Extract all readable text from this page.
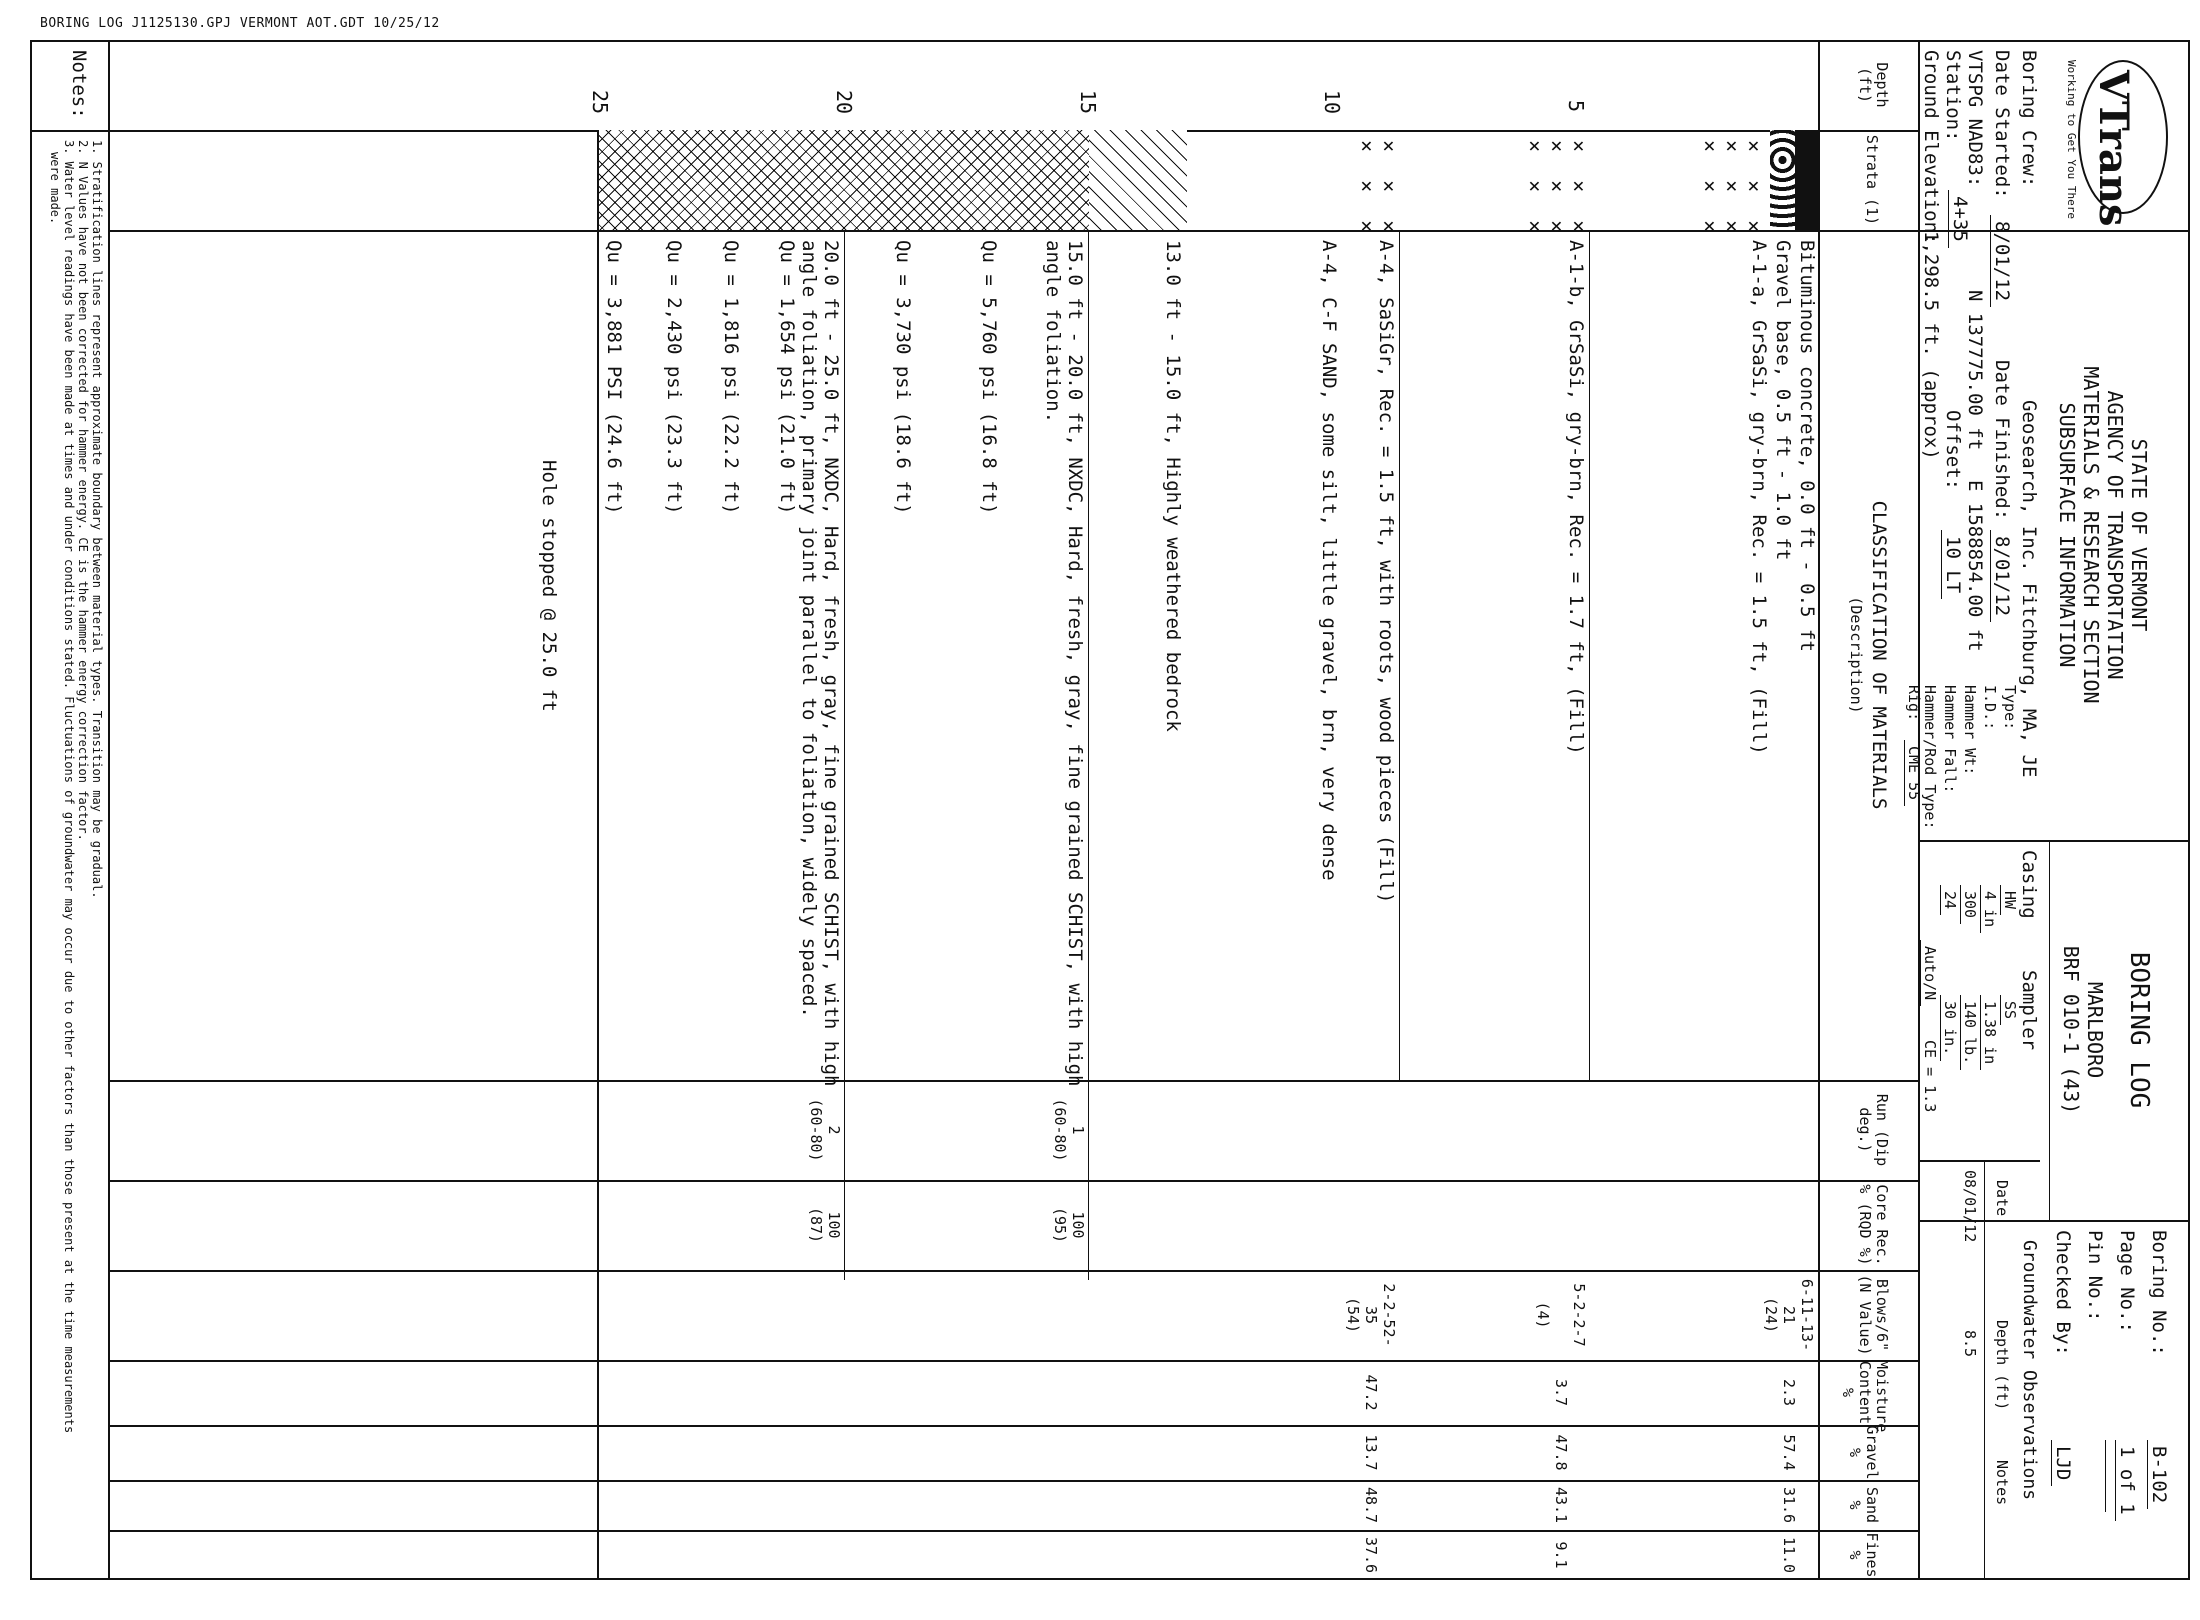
BORING LOG J1125130.GPJ VERMONT AOT.GDT 10/25/12
VTrans
Working to Get You There
STATE OF VERMONT
AGENCY OF TRANSPORTATION
MATERIALS & RESEARCH SECTION
SUBSURFACE INFORMATION
BORING LOG
MARLBORO
BRF 010-1 (43)
Boring No.:
B-102
Page No.:
1 of 1
Pin No.:
Checked By:
LJD
Boring Crew:
Geosearch, Inc. Fitchburg, MA, JE
Date Started:
8/01/12
Date Finished:
8/01/12
VTSPG NAD83:
N 137775.00 ft
E 1588854.00 ft
Station:
4+35
Offset:
10 LT
Ground Elevation:
1,298.5 ft. (approx)
Casing
Sampler
Type:
HW
SS
I.D.:
4 in
1.38 in
Hammer Wt:
300
140 lb.
Hammer Fall:
24
30 in.
Hammer/Rod Type:
Auto/N
CE = 1.3
Rig:
CME 55
Groundwater Observations
Date
Depth (ft)
Notes
08/01/12
8.5
Depth (ft)
Strata (1)
CLASSIFICATION OF MATERIALS
(Description)
Run (Dip deg.)
Core Rec. % (RQD %)
Blows/6" (N Value)
Moisture Content %
Gravel %
Sand %
Fines %
5
10
15
20
25
× × ×
× × ×
× × ×
× × ×
× × ×
× × ×
× × ×
× × ×
Bituminous concrete, 0.0 ft - 0.5 ft
Gravel base, 0.5 ft - 1.0 ft
A-1-a, GrSaSi, gry-brn, Rec. = 1.5 ft, (Fill)
A-1-b, GrSaSi, gry-brn, Rec. = 1.7 ft, (Fill)
A-4, SaSiGr, Rec. = 1.5 ft, with roots, wood pieces (Fill)
A-4, C-F SAND, some silt, little gravel, brn, very dense
13.0 ft - 15.0 ft, Highly weathered bedrock
15.0 ft - 20.0 ft, NXDC, Hard, fresh, gray, fine grained SCHIST, with high
angle foliation.
Qu = 5,760 psi (16.8 ft)
Qu = 3,730 psi (18.6 ft)
20.0 ft - 25.0 ft, NXDC, Hard, fresh, gray, fine grained SCHIST, with high
angle foliation, primary joint parallel to foliation, widely spaced.
Qu = 1,654 psi (21.0 ft)
Qu = 1,816 psi (22.2 ft)
Qu = 2,430 psi (23.3 ft)
Qu = 3,881 PSI (24.6 ft)
Hole stopped @ 25.0 ft
1
(60-80)
100
(95)
2
(60-80)
100
(87)
6-11-13-
21
(24)
2.3
57.4
31.6
11.0
5-2-2-7
(4)
3.7
47.8
43.1
9.1
2-2-52-
35
(54)
47.2
13.7
48.7
37.6
Notes:
1. Stratification lines represent approximate boundary between material types. Transition may be gradual.
2. N Values have not been corrected for hammer energy. CE is the hammer energy correction factor.
3. Water level readings have been made at times and under conditions stated. Fluctuations of groundwater may occur due to other factors than those present at the time measurements
were made.
